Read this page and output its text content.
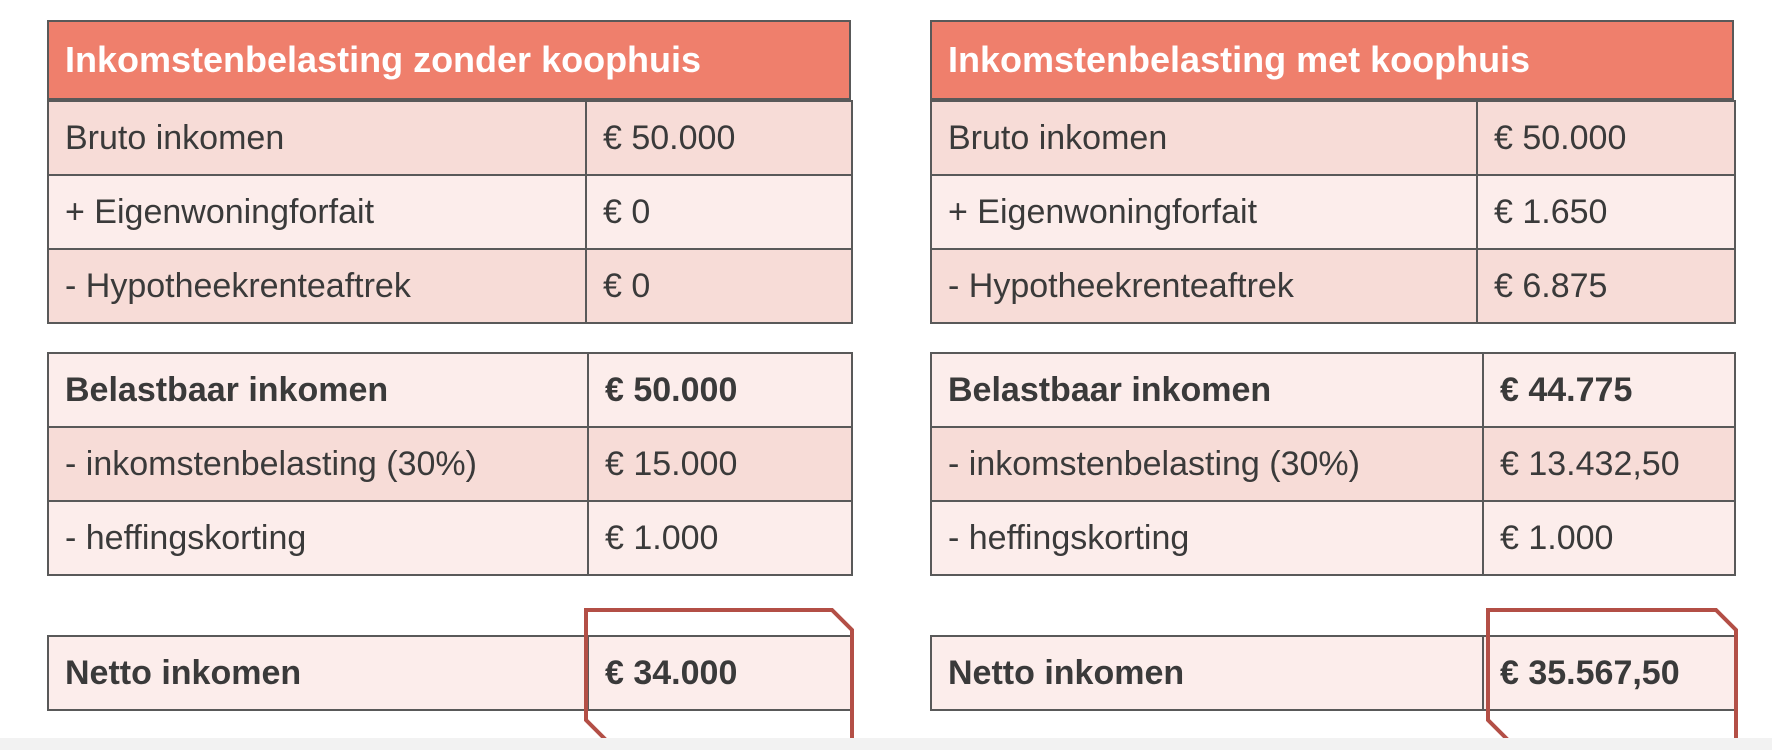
Inkomstenbelasting zonder koophuis
Bruto inkomen	€ 50.000
+ Eigenwoningforfait	€ 0
- Hypotheekrenteaftrek	€ 0
Belastbaar inkomen	€ 50.000
- inkomstenbelasting (30%)	€ 15.000
- heffingskorting	€ 1.000
Netto inkomen	€ 34.000
Inkomstenbelasting met koophuis
Bruto inkomen	€ 50.000
+ Eigenwoningforfait	€ 1.650
- Hypotheekrenteaftrek	€ 6.875
Belastbaar inkomen	€ 44.775
- inkomstenbelasting (30%)	€ 13.432,50
- heffingskorting	€ 1.000
Netto inkomen	€ 35.567,50
